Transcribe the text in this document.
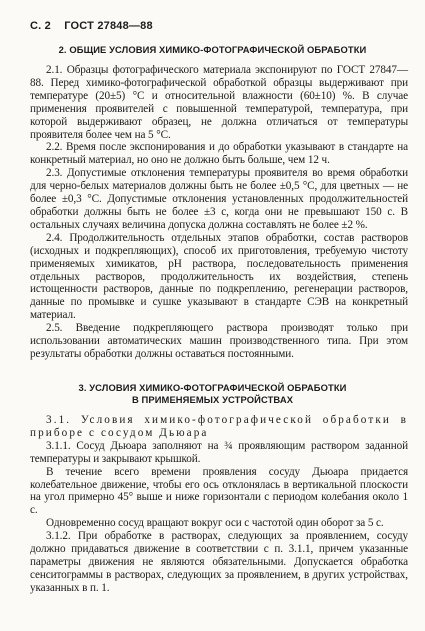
С. 2 ГОСТ 27848—88
2. ОБЩИЕ УСЛОВИЯ ХИМИКО-ФОТОГРАФИЧЕСКОЙ ОБРАБОТКИ

2.1. Образцы фотографического материала экспонируют по ГОСТ 27847—88. Перед химико-фотографической обработкой образцы выдерживают при температуре (20±5) °С и относительной влажности (60±10) %. В случае применения проявителей с повышенной температурой, температура, при которой выдерживают образец, не должна отличаться от температуры проявителя более чем на 5 °С.

2.2. Время после экспонирования и до обработки указывают в стандарте на конкретный материал, но оно не должно быть больше, чем 12 ч.

2.3. Допустимые отклонения температуры проявителя во время обработки для черно-белых материалов должны быть не более ±0,5 °С, для цветных — не более ±0,3 °С. Допустимые отклонения установленных продолжительностей обработки должны быть не более ±3 с, когда они не превышают 150 с. В остальных случаях величина допуска должна составлять не более ±2 %.

2.4. Продолжительность отдельных этапов обработки, состав растворов (исходных и подкрепляющих), способ их приготовления, требуемую чистоту применяемых химикатов, pH раствора, последовательность применения отдельных растворов, продолжительность их воздействия, степень истощенности растворов, данные по подкреплению, регенерации растворов, данные по промывке и сушке указывают в стандарте СЭВ на конкретный материал.

2.5. Введение подкрепляющего раствора производят только при использовании автоматических машин производственного типа. При этом результаты обработки должны оставаться постоянными.

3. УСЛОВИЯ ХИМИКО-ФОТОГРАФИЧЕСКОЙ ОБРАБОТКИ
В ПРИМЕНЯЕМЫХ УСТРОЙСТВАХ

3.1. Условия химико-фотографической обработки в приборе с сосудом Дьюара

3.1.1. Сосуд Дьюара заполняют на ¾ проявляющим раствором заданной температуры и закрывают крышкой.

В течение всего времени проявления сосуду Дьюара придается колебательное движение, чтобы его ось отклонялась в вертикальной плоскости на угол примерно 45° выше и ниже горизонтали с периодом колебания около 1 с.

Одновременно сосуд вращают вокруг оси с частотой один оборот за 5 с.

3.1.2. При обработке в растворах, следующих за проявлением, сосуду должно придаваться движение в соответствии с п. 3.1.1, причем указанные параметры движения не являются обязательными. Допускается обработка сенситограммы в растворах, следующих за проявлением, в других устройствах, указанных в п. 1.
